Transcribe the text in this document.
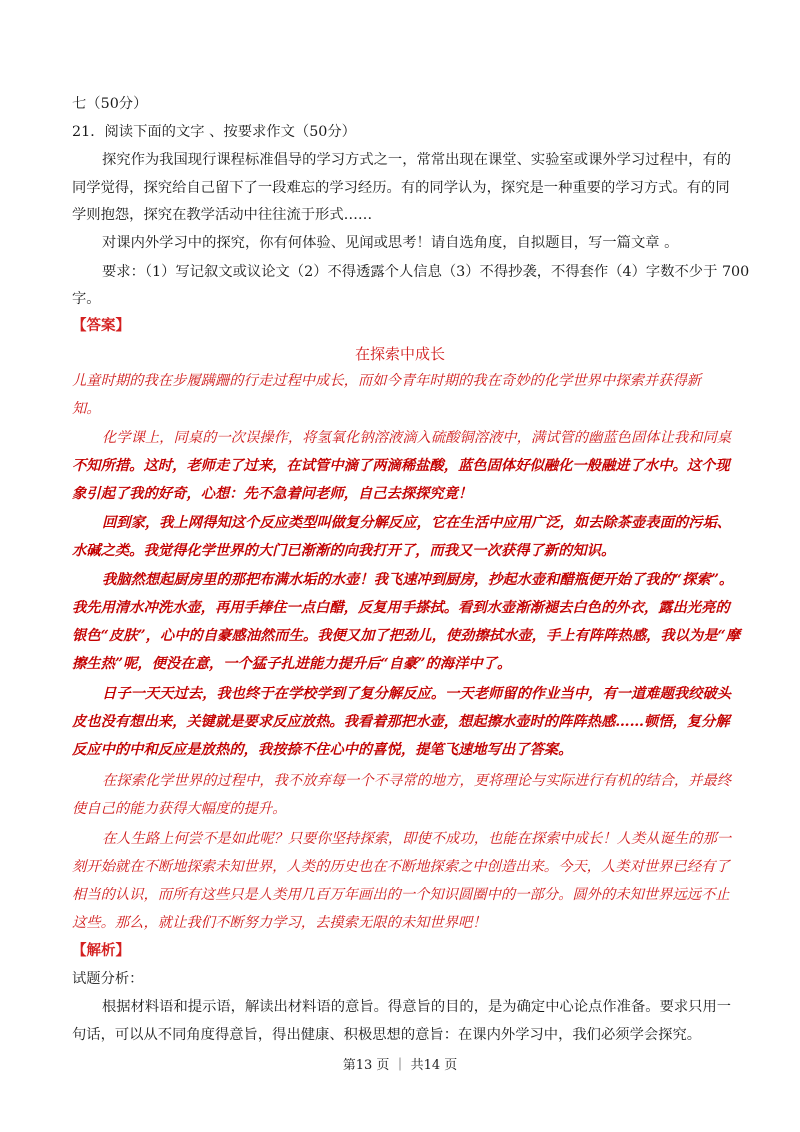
七（50分）
21．阅读下面的文字 、按要求作文（50分）
探究作为我国现行课程标准倡导的学习方式之一，常常出现在课堂、实验室或课外学习过程中，有的
同学觉得，探究给自己留下了一段难忘的学习经历。有的同学认为，探究是一种重要的学习方式。有的同
学则抱怨，探究在教学活动中往往流于形式……
对课内外学习中的探究，你有何体验、见闻或思考！请自选角度，自拟题目，写一篇文章 。
要求：（1）写记叙文或议论文（2）不得透露个人信息（3）不得抄袭，不得套作（4）字数不少于 700
字。
【答案】
在探索中成长
儿童时期的我在步履蹒跚的行走过程中成长，而如今青年时期的我在奇妙的化学世界中探索并获得新
知。
化学课上，同桌的一次误操作，将氢氧化钠溶液滴入硫酸铜溶液中，满试管的幽蓝色固体让我和同桌
不知所措。这时，老师走了过来，在试管中滴了两滴稀盐酸，蓝色固体好似融化一般融进了水中。这个现
象引起了我的好奇，心想：先不急着问老师，自己去探探究竟！
回到家，我上网得知这个反应类型叫做复分解反应，它在生活中应用广泛，如去除茶壶表面的污垢、
水碱之类。我觉得化学世界的大门已渐渐的向我打开了，而我又一次获得了新的知识。
我脑然想起厨房里的那把布满水垢的水壶！我飞速冲到厨房，抄起水壶和醋瓶便开始了我的“探索”。
我先用清水冲洗水壶，再用手捧住一点白醋，反复用手搽拭。看到水壶渐渐褪去白色的外衣，露出光亮的
银色“皮肤”，心中的自豪感油然而生。我便又加了把劲儿，使劲擦拭水壶，手上有阵阵热感，我以为是“摩
擦生热”呢，便没在意，一个猛子扎进能力提升后“自豪”的海洋中了。
日子一天天过去，我也终于在学校学到了复分解反应。一天老师留的作业当中，有一道难题我绞破头
皮也没有想出来，关键就是要求反应放热。我看着那把水壶，想起擦水壶时的阵阵热感……顿悟，复分解
反应中的中和反应是放热的，我按捺不住心中的喜悦，提笔飞速地写出了答案。
在探索化学世界的过程中，我不放弃每一个不寻常的地方，更将理论与实际进行有机的结合，并最终
使自己的能力获得大幅度的提升。
在人生路上何尝不是如此呢？只要你坚持探索，即使不成功，也能在探索中成长！人类从诞生的那一
刻开始就在不断地探索未知世界，人类的历史也在不断地探索之中创造出来。今天，人类对世界已经有了
相当的认识，而所有这些只是人类用几百万年画出的一个知识圆圈中的一部分。圆外的未知世界远远不止
这些。那么，就让我们不断努力学习，去摸索无限的未知世界吧！
【解析】
试题分析：
根据材料语和提示语，解读出材料语的意旨。得意旨的目的，是为确定中心论点作准备。要求只用一
句话，可以从不同角度得意旨，得出健康、积极思想的意旨：在课内外学习中，我们必须学会探究。
第13 页 ｜ 共14 页
